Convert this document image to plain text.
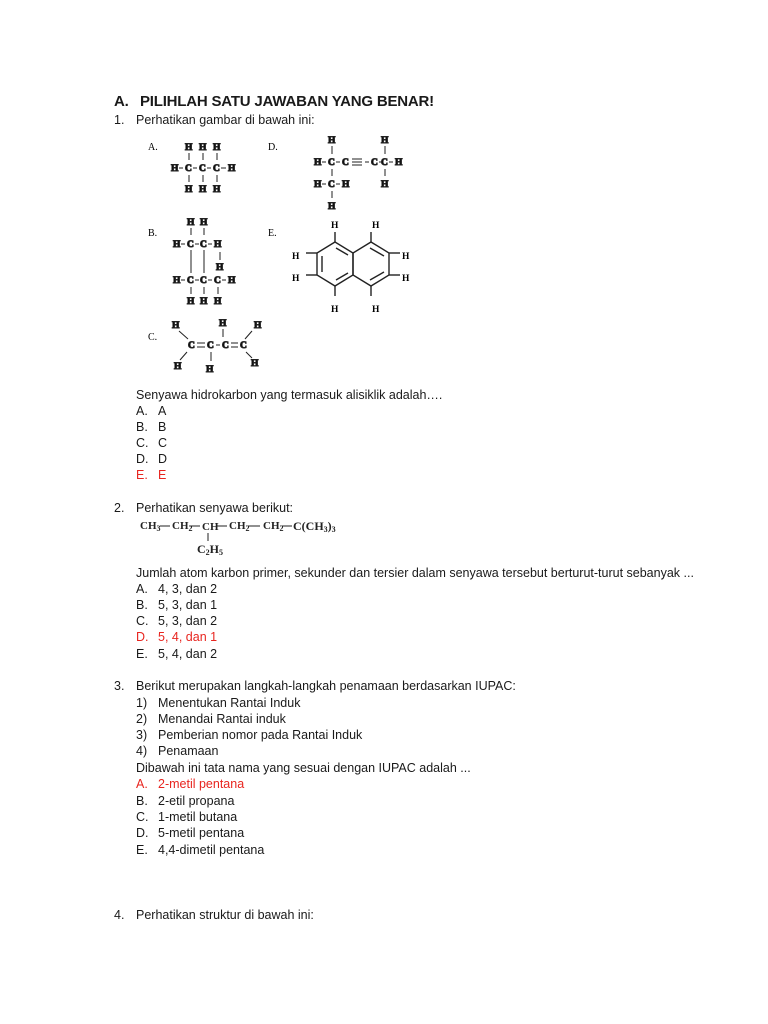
A. PILIHLAH SATU JAWABAN YANG BENAR!
1. Perhatikan gambar di bawah ini:
A.
B.
C.
D.
E.
H H H
H C C C H
H H H
H H
H C C H
H
H C C C H
H H H
H	H	H
C C C C
H	H
H
H	H
H C C C C H
H C H	H
H
H	H
H	H
H	H
H	H
Senyawa hidrokarbon yang termasuk alisiklik adalah….
A. A
B. B
C. C
D. D
E. E
2. Perhatikan senyawa berikut:
CH3 CH2 CH CH2 CH2 C(CH3)3
C2H5
Jumlah atom karbon primer, sekunder dan tersier dalam senyawa tersebut berturut-turut sebanyak ...
A. 4, 3, dan 2
B. 5, 3, dan 1
C. 5, 3, dan 2
D. 5, 4, dan 1
E. 5, 4, dan 2
3. Berikut merupakan langkah-langkah penamaan berdasarkan IUPAC:
1) Menentukan Rantai Induk
2) Menandai Rantai induk
3) Pemberian nomor pada Rantai Induk
4) Penamaan
Dibawah ini tata nama yang sesuai dengan IUPAC adalah ...
A. 2-metil pentana
B. 2-etil propana
C. 1-metil butana
D. 5-metil pentana
E. 4,4-dimetil pentana
4. Perhatikan struktur di bawah ini:
